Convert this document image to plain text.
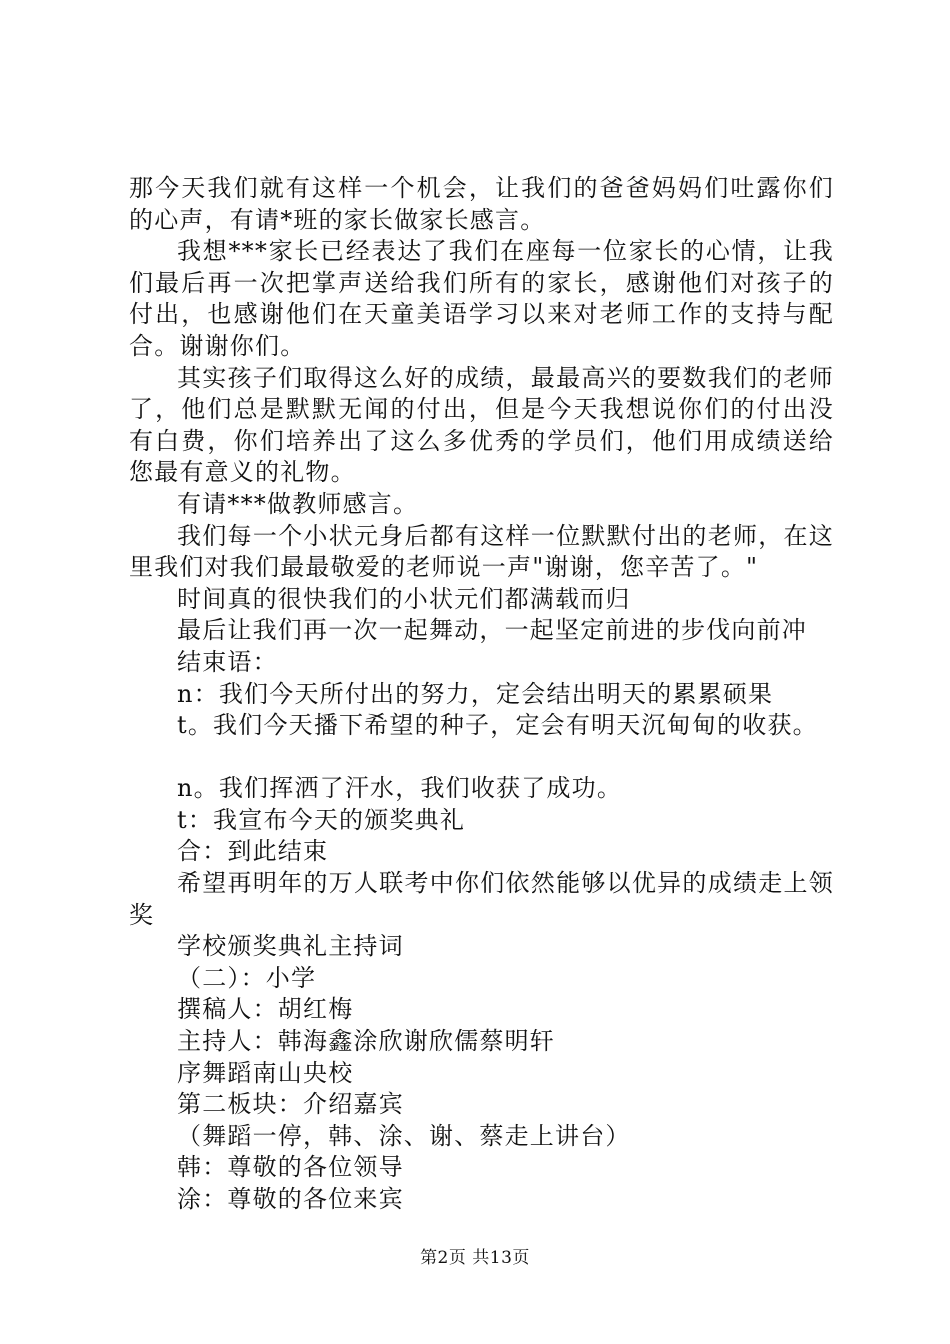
那今天我们就有这样一个机会，让我们的爸爸妈妈们吐露你们的心声，有请*班的家长做家长感言。

我想***家长已经表达了我们在座每一位家长的心情，让我们最后再一次把掌声送给我们所有的家长，感谢他们对孩子的付出，也感谢他们在天童美语学习以来对老师工作的支持与配合。谢谢你们。

其实孩子们取得这么好的成绩，最最高兴的要数我们的老师了，他们总是默默无闻的付出，但是今天我想说你们的付出没有白费，你们培养出了这么多优秀的学员们，他们用成绩送给您最有意义的礼物。

有请***做教师感言。

我们每一个小状元身后都有这样一位默默付出的老师，在这里我们对我们最最敬爱的老师说一声"谢谢，您辛苦了。"

时间真的很快我们的小状元们都满载而归

最后让我们再一次一起舞动，一起坚定前进的步伐向前冲

结束语：

n：我们今天所付出的努力，定会结出明天的累累硕果

t。我们今天播下希望的种子，定会有明天沉甸甸的收获。

n。我们挥洒了汗水，我们收获了成功。

t：我宣布今天的颁奖典礼

合：到此结束

希望再明年的万人联考中你们依然能够以优异的成绩走上领奖

学校颁奖典礼主持词

（二）：小学

撰稿人：胡红梅

主持人：韩海鑫涂欣谢欣儒蔡明轩

序舞蹈南山央校

第二板块：介绍嘉宾

（舞蹈一停，韩、涂、谢、蔡走上讲台）

韩：尊敬的各位领导

涂：尊敬的各位来宾

第2页 共13页
